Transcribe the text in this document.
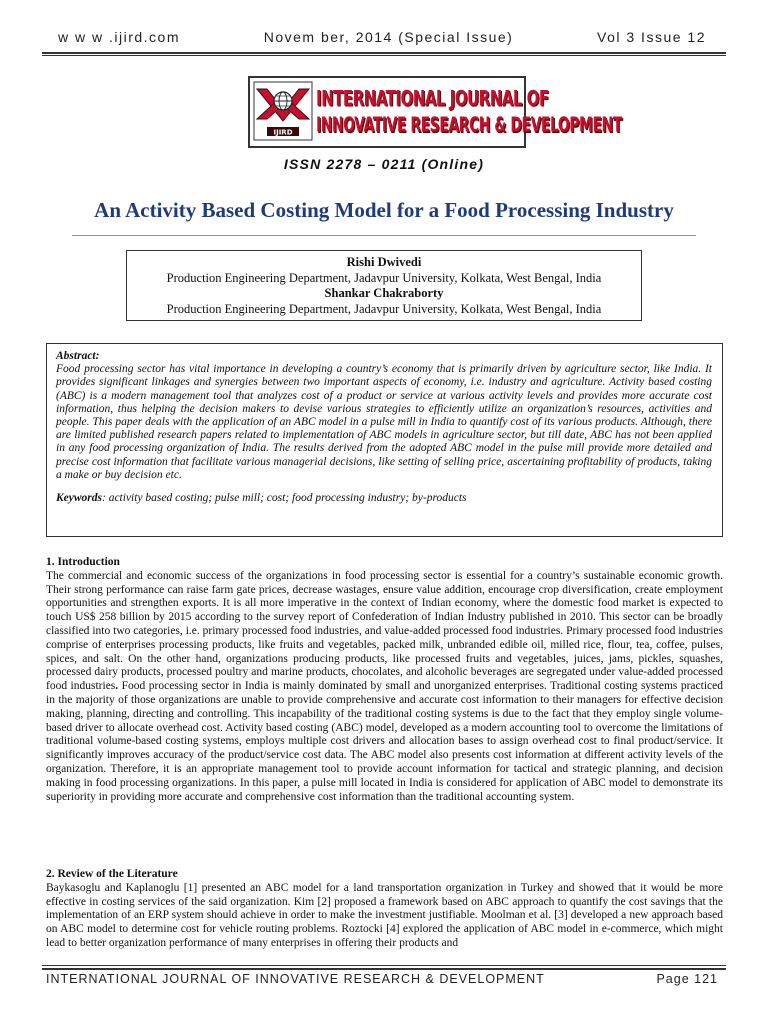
w w w .ijird.com	Novem ber, 2014 (Special Issue)	Vol 3 Issue 12
IJIRD
INTERNATIONAL JOURNAL OF
INNOVATIVE RESEARCH & DEVELOPMENT
ISSN 2278 – 0211 (Online)
An Activity Based Costing Model for a Food Processing Industry
Rishi Dwivedi
Production Engineering Department, Jadavpur University, Kolkata, West Bengal, India
Shankar Chakraborty
Production Engineering Department, Jadavpur University, Kolkata, West Bengal, India
Abstract:
Food processing sector has vital importance in developing a country’s economy that is primarily driven by agriculture sector, like India. It provides significant linkages and synergies between two important aspects of economy, i.e. industry and agriculture. Activity based costing (ABC) is a modern management tool that analyzes cost of a product or service at various activity levels and provides more accurate cost information, thus helping the decision makers to devise various strategies to efficiently utilize an organization’s resources, activities and people. This paper deals with the application of an ABC model in a pulse mill in India to quantify cost of its various products. Although, there are limited published research papers related to implementation of ABC models in agriculture sector, but till date, ABC has not been applied in any food processing organization of India. The results derived from the adopted ABC model in the pulse mill provide more detailed and precise cost information that facilitate various managerial decisions, like setting of selling price, ascertaining profitability of products, taking a make or buy decision etc.
Keywords: activity based costing; pulse mill; cost; food processing industry; by-products
1. Introduction

The commercial and economic success of the organizations in food processing sector is essential for a country’s sustainable economic growth. Their strong performance can raise farm gate prices, decrease wastages, ensure value addition, encourage crop diversification, create employment opportunities and strengthen exports. It is all more imperative in the context of Indian economy, where the domestic food market is expected to touch US$ 258 billion by 2015 according to the survey report of Confederation of Indian Industry published in 2010. This sector can be broadly classified into two categories, i.e. primary processed food industries, and value-added processed food industries. Primary processed food industries comprise of enterprises processing products, like fruits and vegetables, packed milk, unbranded edible oil, milled rice, flour, tea, coffee, pulses, spices, and salt. On the other hand, organizations producing products, like processed fruits and vegetables, juices, jams, pickles, squashes, processed dairy products, processed poultry and marine products, chocolates, and alcoholic beverages are segregated under value-added processed food industries. Food processing sector in India is mainly dominated by small and unorganized enterprises. Traditional costing systems practiced in the majority of those organizations are unable to provide comprehensive and accurate cost information to their managers for effective decision making, planning, directing and controlling. This incapability of the traditional costing systems is due to the fact that they employ single volume-based driver to allocate overhead cost. Activity based costing (ABC) model, developed as a modern accounting tool to overcome the limitations of traditional volume-based costing systems, employs multiple cost drivers and allocation bases to assign overhead cost to final product/service. It significantly improves accuracy of the product/service cost data. The ABC model also presents cost information at different activity levels of the organization. Therefore, it is an appropriate management tool to provide account information for tactical and strategic planning, and decision making in food processing organizations. In this paper, a pulse mill located in India is considered for application of ABC model to demonstrate its superiority in providing more accurate and comprehensive cost information than the traditional accounting system.

2. Review of the Literature

Baykasoglu and Kaplanoglu [1] presented an ABC model for a land transportation organization in Turkey and showed that it would be more effective in costing services of the said organization. Kim [2] proposed a framework based on ABC approach to quantify the cost savings that the implementation of an ERP system should achieve in order to make the investment justifiable. Moolman et al. [3] developed a new approach based on ABC model to determine cost for vehicle routing problems. Roztocki [4] explored the application of ABC model in e-commerce, which might lead to better organization performance of many enterprises in offering their products and

INTERNATIONAL JOURNAL OF INNOVATIVE RESEARCH & DEVELOPMENT	Page 121
